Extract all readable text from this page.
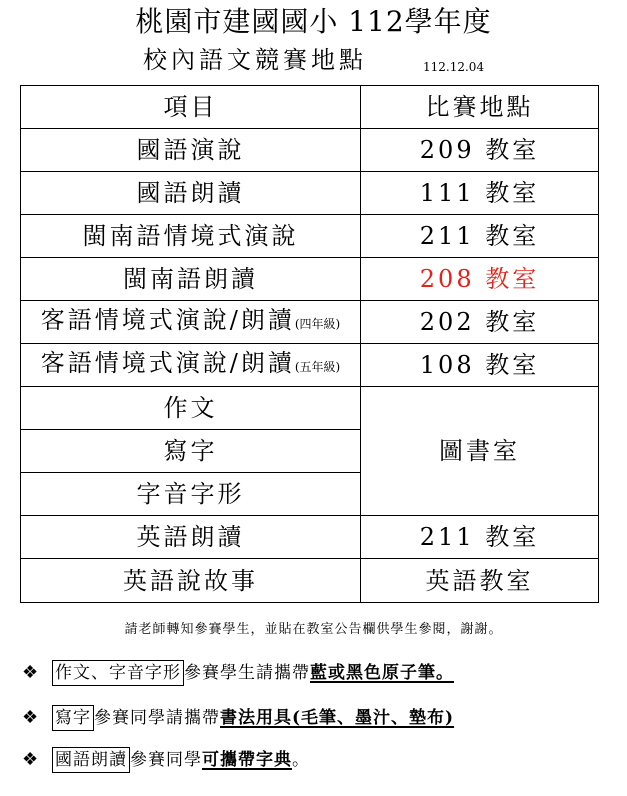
桃園市建國國小 112學年度
校內語文競賽地點	112.12.04
項目	比賽地點
國語演說	209 教室
國語朗讀	111 教室
閩南語情境式演說	211 教室
閩南語朗讀	208 教室
客語情境式演說/朗讀(四年級)	202 教室
客語情境式演說/朗讀(五年級)	108 教室
作文	圖書室
寫字	
字音字形	
英語朗讀	211 教室
英語說故事	英語教室
請老師轉知參賽學生，並貼在教室公告欄供學生參閱，謝謝。
❖ 作文、字音字形 參賽學生請攜帶藍或黑色原子筆。
❖ 寫字 參賽同學請攜帶書法用具(毛筆、墨汁、墊布)
❖ 國語朗讀 參賽同學可攜帶字典。
